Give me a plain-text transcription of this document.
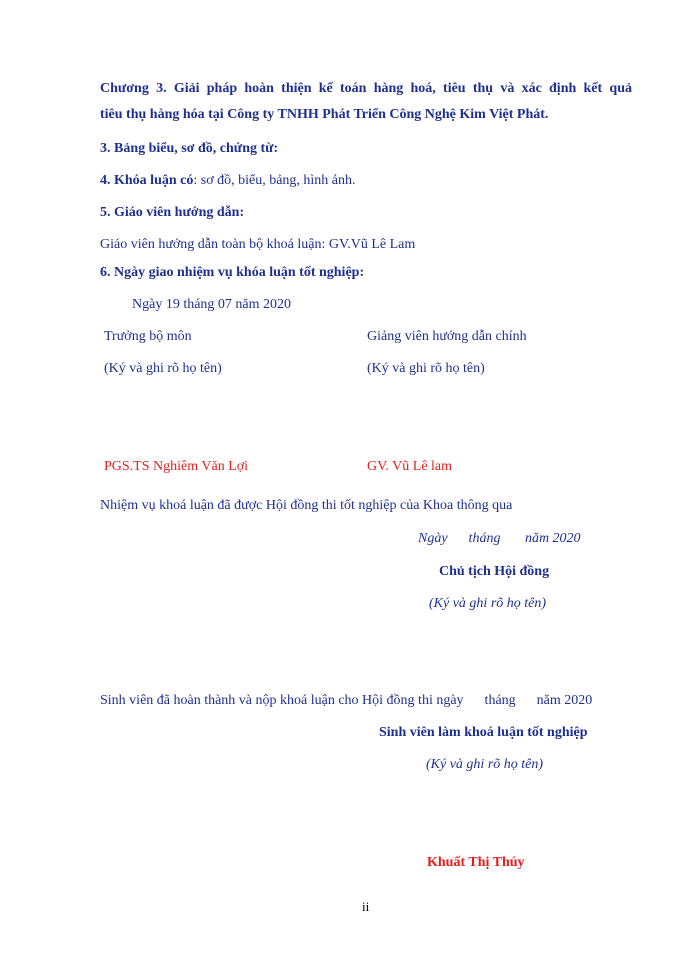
Chương 3. Giải pháp hoàn thiện kế toán hàng hoá, tiêu thụ và xác định kết quả
tiêu thụ hàng hóa tại Công ty TNHH Phát Triển Công Nghệ Kim Việt Phát.
3. Bảng biểu, sơ đồ, chứng từ:
4. Khóa luận có: sơ đồ, biểu, bảng, hình ảnh.
5. Giáo viên hướng dẫn:
Giáo viên hướng dẫn toàn bộ khoá luận: GV.Vũ Lê Lam
6. Ngày giao nhiệm vụ khóa luận tốt nghiệp:
Ngày 19 tháng 07 năm 2020
Trưởng bộ môn	Giảng viên hướng dẫn chính
(Ký và ghi rõ họ tên)	(Ký và ghi rõ họ tên)
PGS.TS Nghiêm Văn Lợi	GV. Vũ Lê lam
Nhiệm vụ khoá luận đã được Hội đồng thi tốt nghiệp của Khoa thông qua
Ngày      tháng       năm 2020
Chủ tịch Hội đồng
(Ký và ghi rõ họ tên)
Sinh viên đã hoàn thành và nộp khoá luận cho Hội đồng thi ngày      tháng      năm 2020
Sinh viên làm khoá luận tốt nghiệp
(Ký và ghi rõ họ tên)
Khuất Thị Thúy
ii
